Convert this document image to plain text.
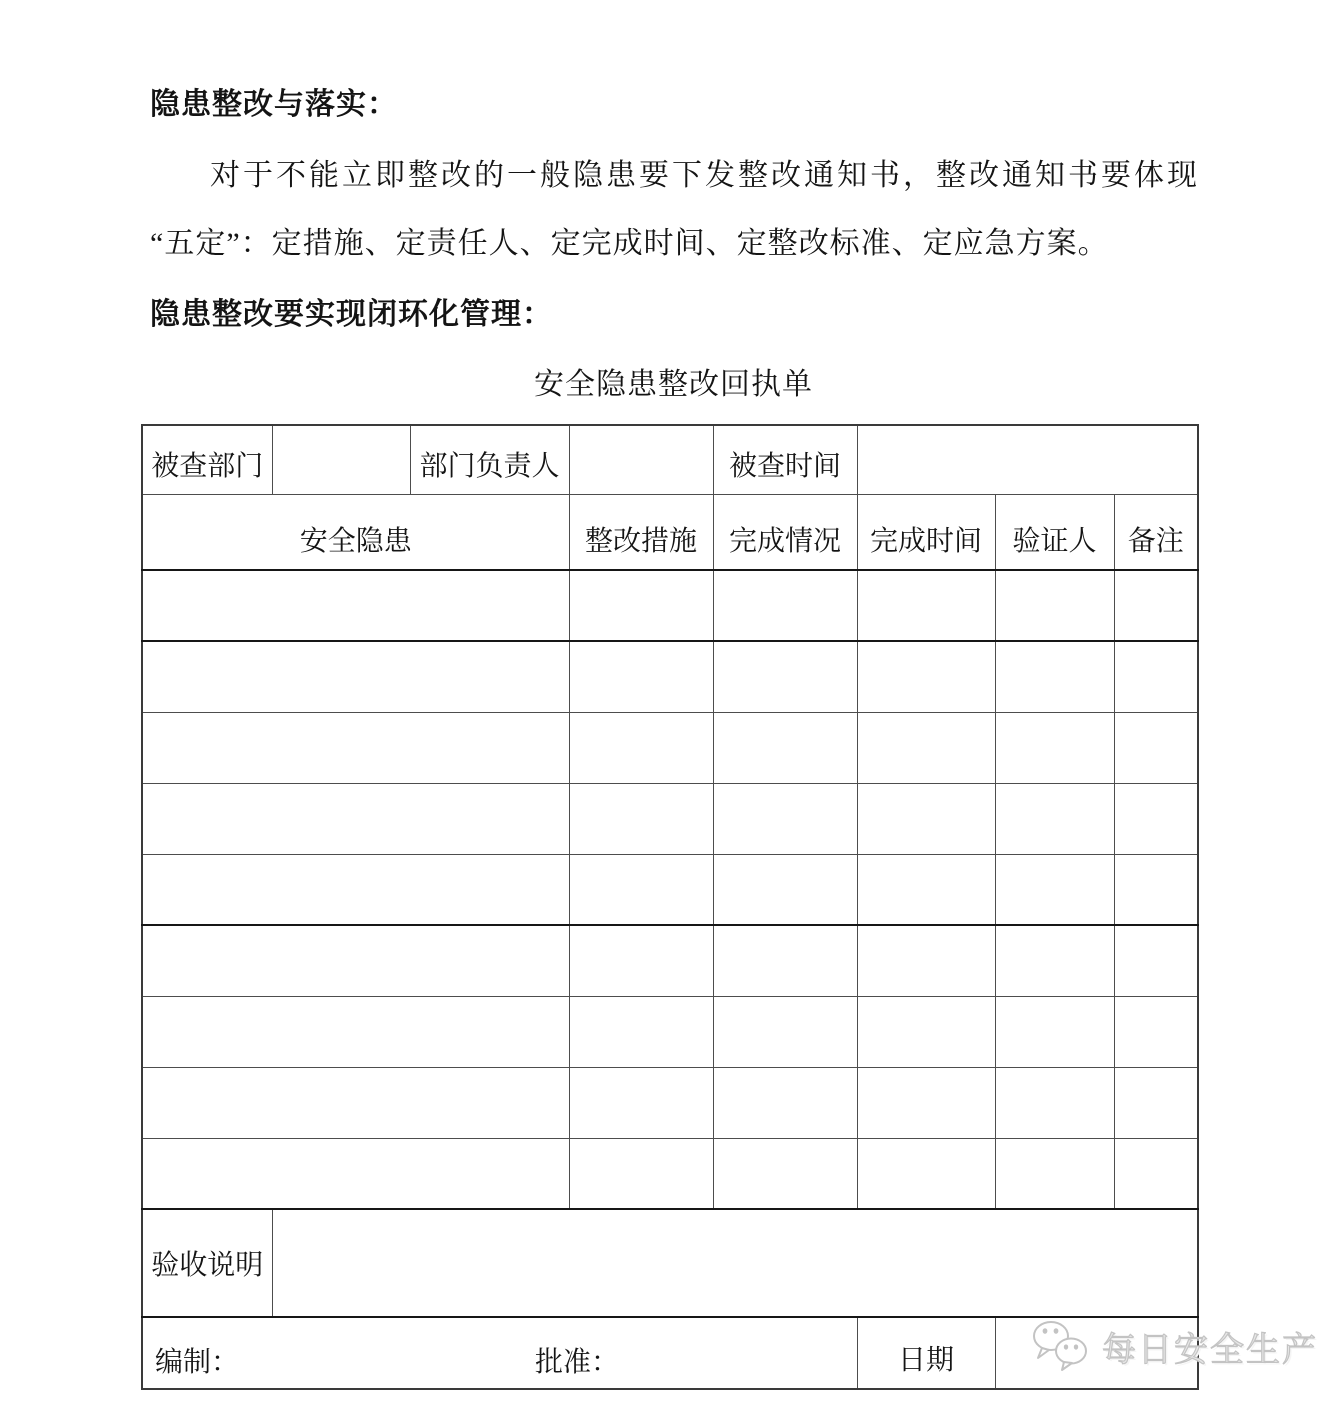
隐患整改与落实：
对于不能立即整改的一般隐患要下发整改通知书，整改通知书要体现
“五定”：定措施、定责任人、定完成时间、定整改标准、定应急方案。
隐患整改要实现闭环化管理：
安全隐患整改回执单
被查部门		部门负责人		被查时间			
安全隐患			整改措施	完成情况	完成时间	验证人	备注

验收说明							

编制： 批准：					日期			每日安全生产
